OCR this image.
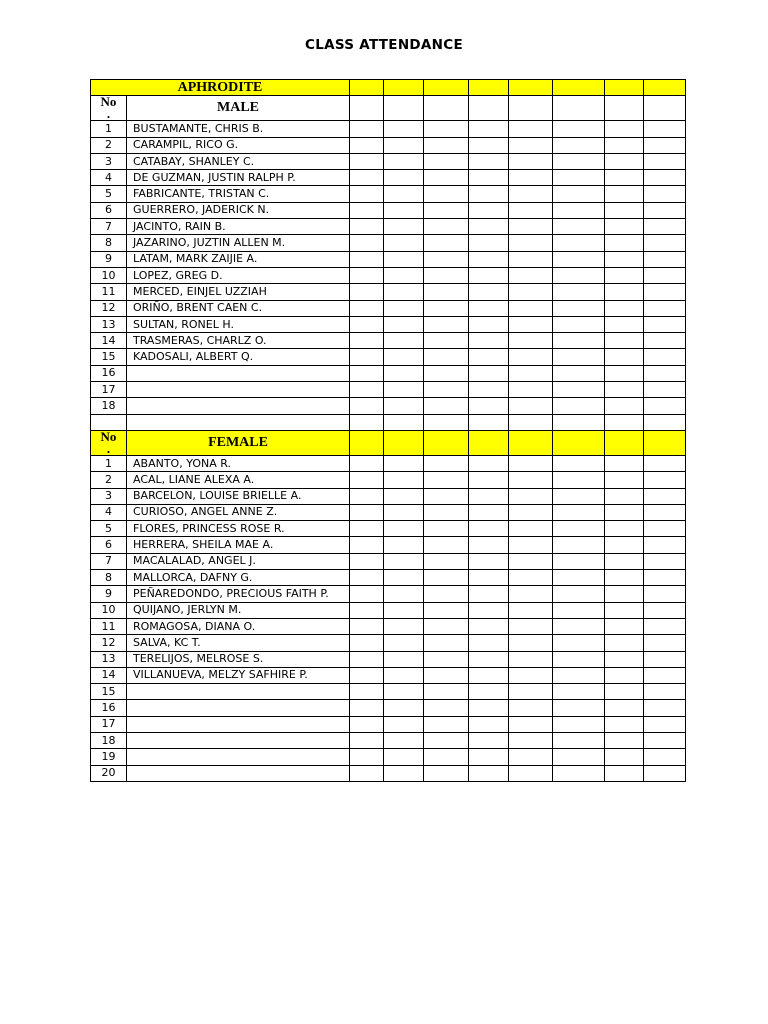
CLASS ATTENDANCE
APHRODITE									
No
.	MALE								
1	BUSTAMANTE, CHRIS B.								
2	CARAMPIL, RICO G.								
3	CATABAY, SHANLEY C.								
4	DE GUZMAN, JUSTIN RALPH P.								
5	FABRICANTE, TRISTAN C.								
6	GUERRERO, JADERICK N.								
7	JACINTO, RAIN B.								
8	JAZARINO, JUZTIN ALLEN M.								
9	LATAM, MARK ZAIJIE A.								
10	LOPEZ, GREG D.								
11	MERCED, EINJEL UZZIAH								
12	ORIÑO, BRENT CAEN C.								
13	SULTAN, RONEL H.								
14	TRASMERAS, CHARLZ O.								
15	KADOSALI, ALBERT Q.								
16									
17									
18									

No
.	FEMALE								
1	ABANTO, YONA R.								
2	ACAL, LIANE ALEXA A.								
3	BARCELON, LOUISE BRIELLE A.								
4	CURIOSO, ANGEL ANNE Z.								
5	FLORES, PRINCESS ROSE R.								
6	HERRERA, SHEILA MAE A.								
7	MACALALAD, ANGEL J.								
8	MALLORCA, DAFNY G.								
9	PEÑAREDONDO, PRECIOUS FAITH P.								
10	QUIJANO, JERLYN M.								
11	ROMAGOSA, DIANA O.								
12	SALVA, KC T.								
13	TERELIJOS, MELROSE S.								
14	VILLANUEVA, MELZY SAFHIRE P.								
15									
16									
17									
18									
19									
20									
